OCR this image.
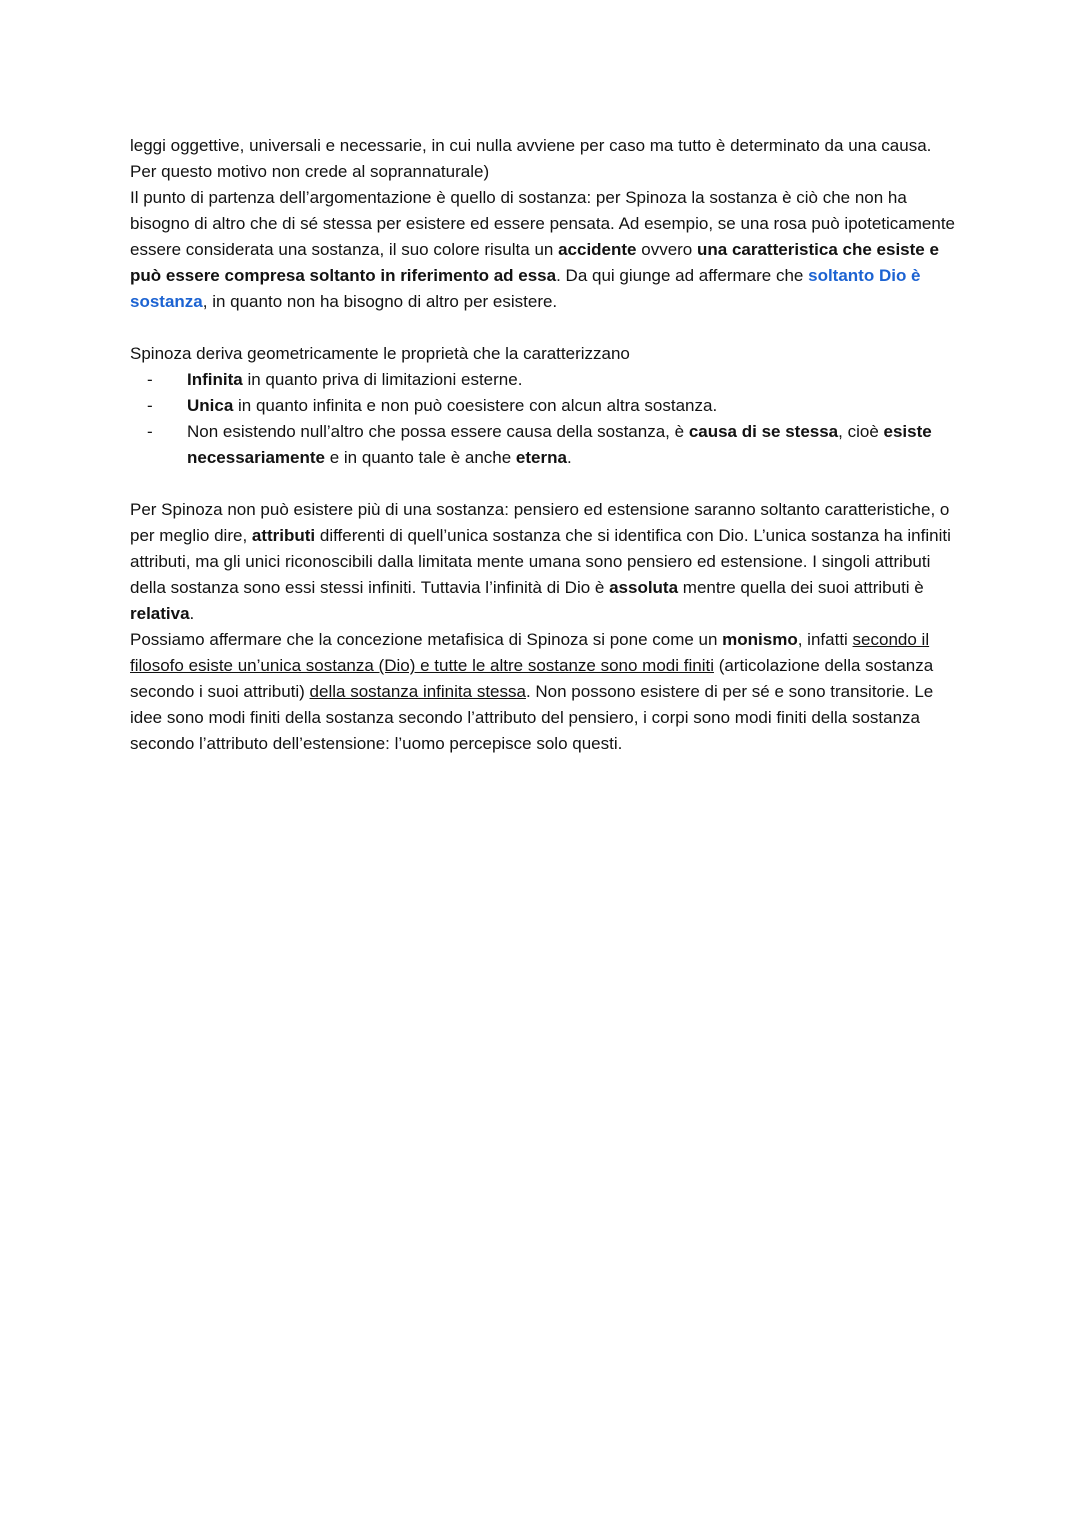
leggi oggettive, universali e necessarie, in cui nulla avviene per caso ma tutto è determinato da una causa. Per questo motivo non crede al soprannaturale)

Il punto di partenza dell’argomentazione è quello di sostanza: per Spinoza la sostanza è ciò che non ha bisogno di altro che di sé stessa per esistere ed essere pensata. Ad esempio, se una rosa può ipoteticamente essere considerata una sostanza, il suo colore risulta un accidente ovvero una caratteristica che esiste e può essere compresa soltanto in riferimento ad essa. Da qui giunge ad affermare che soltanto Dio è sostanza, in quanto non ha bisogno di altro per esistere.

Spinoza deriva geometricamente le proprietà che la caratterizzano

- Infinita in quanto priva di limitazioni esterne.
- Unica in quanto infinita e non può coesistere con alcun altra sostanza.
- Non esistendo null’altro che possa essere causa della sostanza, è causa di se stessa, cioè esiste necessariamente e in quanto tale è anche eterna.

Per Spinoza non può esistere più di una sostanza: pensiero ed estensione saranno soltanto caratteristiche, o per meglio dire, attributi differenti di quell’unica sostanza che si identifica con Dio. L’unica sostanza ha infiniti attributi, ma gli unici riconoscibili dalla limitata mente umana sono pensiero ed estensione. I singoli attributi della sostanza sono essi stessi infiniti. Tuttavia l’infinità di Dio è assoluta mentre quella dei suoi attributi è relativa.

Possiamo affermare che la concezione metafisica di Spinoza si pone come un monismo, infatti secondo il filosofo esiste un’unica sostanza (Dio) e tutte le altre sostanze sono modi finiti (articolazione della sostanza secondo i suoi attributi) della sostanza infinita stessa. Non possono esistere di per sé e sono transitorie. Le idee sono modi finiti della sostanza secondo l’attributo del pensiero, i corpi sono modi finiti della sostanza secondo l’attributo dell’estensione: l’uomo percepisce solo questi.
